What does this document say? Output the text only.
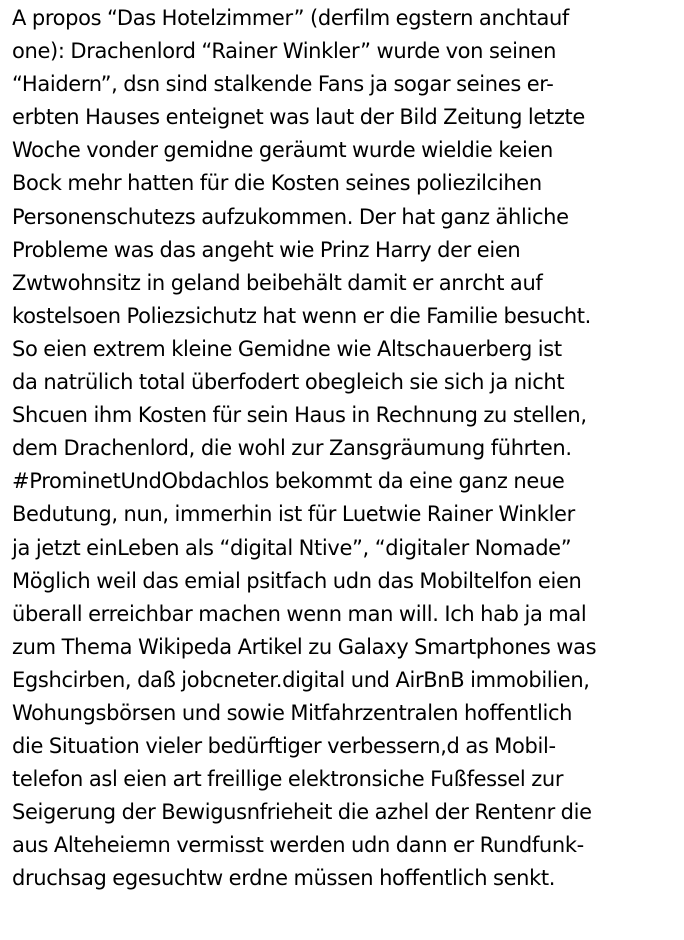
A propos “Das Hotelzimmer” (derfilm egstern anchtauf
one): Drachenlord “Rainer Winkler” wurde von seinen
“Haidern”, dsn sind stalkende Fans ja sogar seines er-
erbten Hauses enteignet was laut der Bild Zeitung letzte
Woche vonder gemidne geräumt wurde wieldie keien
Bock mehr hatten für die Kosten seines poliezilcihen
Personenschutezs aufzukommen. Der hat ganz ähliche
Probleme was das angeht wie Prinz Harry der eien
Zwtwohnsitz in geland beibehält damit er anrcht auf
kostelsoen Poliezsichutz hat wenn er die Familie besucht.
So eien extrem kleine Gemidne wie Altschauerberg ist
da natrülich total überfodert obegleich sie sich ja nicht
Shcuen ihm Kosten für sein Haus in Rechnung zu stellen,
dem Drachenlord, die wohl zur Zansgräumung führten.
#ProminetUndObdachlos bekommt da eine ganz neue
Bedutung, nun, immerhin ist für Luetwie Rainer Winkler
ja jetzt einLeben als “digital Ntive”, “digitaler Nomade”
Möglich weil das emial psitfach udn das Mobiltelfon eien
überall erreichbar machen wenn man will. Ich hab ja mal
zum Thema Wikipeda Artikel zu Galaxy Smartphones was
Egshcirben, daß jobcneter.digital und AirBnB immobilien,
Wohungsbörsen und sowie Mitfahrzentralen hoffentlich
die Situation vieler bedürftiger verbessern,d as Mobil-
telefon asl eien art freillige elektronsiche Fußfessel zur
Seigerung der Bewigusnfrieheit die azhel der Rentenr die
aus Alteheiemn vermisst werden udn dann er Rundfunk-
druchsag egesuchtw erdne müssen hoffentlich senkt.
